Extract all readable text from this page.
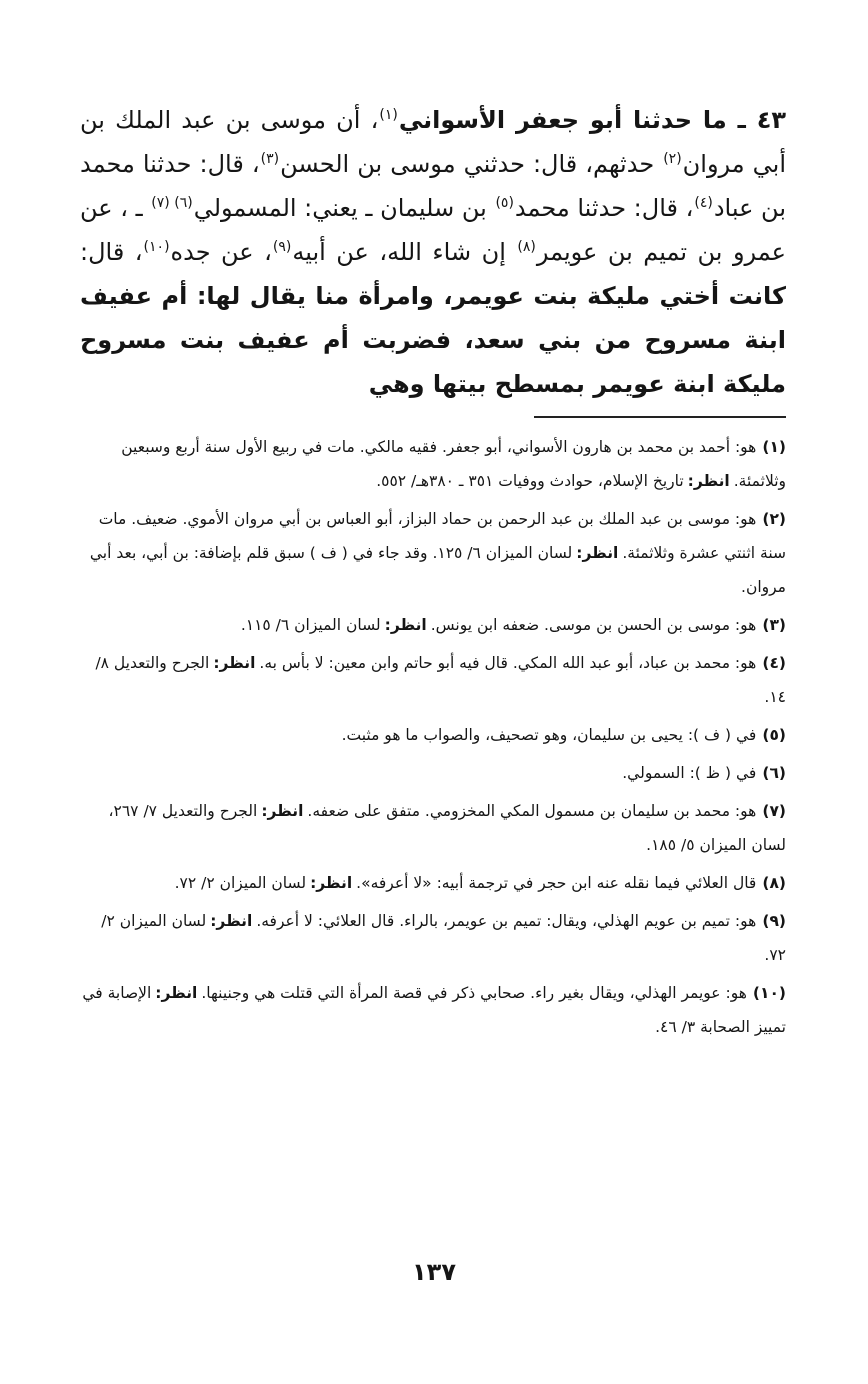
٤٣ ـ ما حدثنا أبو جعفر الأسواني$^{(١)}$، أن موسى بن عبد الملك بن أبي مروان$^{(٢)}$ حدثهم، قال: حدثني موسى بن الحسن$^{(٣)}$، قال: حدثنا محمد بن عباد$^{(٤)}$، قال: حدثنا محمد$^{(٥)}$ بن سليمان ـ يعني: المسمولي$^{(٦) (٧)}$ ـ ، عن عمرو بن تميم بن عويمر$^{(٨)}$ إن شاء الله، عن أبيه$^{(٩)}$، عن جده$^{(١٠)}$، قال: كانت أختي مليكة بنت عويمر، وامرأة منا يقال لها: أم عفيف ابنة مسروح من بني سعد، فضربت أم عفيف بنت مسروح مليكة ابنة عويمر بمسطح بيتها وهي

(١)هو: أحمد بن محمد بن هارون الأسواني، أبو جعفر. فقيه مالكي. مات في ربيع الأول سنة أربع وسبعين وثلاثمئة.انظر:تاريخ الإسلام، حوادث ووفيات ٣٥١ ـ ٣٨٠هـ/ ٥٥٢.

(٢)هو: موسى بن عبد الملك بن عبد الرحمن بن حماد البزاز، أبو العباس بن أبي مروان الأموي. ضعيف. مات سنة اثنتي عشرة وثلاثمئة.انظر:لسان الميزان ٦/ ١٢٥. وقد جاء في ( ف ) سبق قلم بإضافة: بن أبي، بعد أبي مروان.

(٣)هو: موسى بن الحسن بن موسى. ضعفه ابن يونس.انظر:لسان الميزان ٦/ ١١٥.

(٤)هو: محمد بن عباد، أبو عبد الله المكي. قال فيه أبو حاتم وابن معين: لا بأس به.انظر:الجرح والتعديل ٨/ ١٤.

(٥)في ( ف ): يحيى بن سليمان، وهو تصحيف، والصواب ما هو مثبت.

(٦)في ( ظ ): السمولي.

(٧)هو: محمد بن سليمان بن مسمول المكي المخزومي. متفق على ضعفه.انظر:الجرح والتعديل ٧/ ٢٦٧، لسان الميزان ٥/ ١٨٥.

(٨)قال العلائي فيما نقله عنه ابن حجر في ترجمة أبيه: «لا أعرفه».انظر:لسان الميزان ٢/ ٧٢.

(٩)هو: تميم بن عويم الهذلي، ويقال: تميم بن عويمر، بالراء. قال العلائي: لا أعرفه.انظر:لسان الميزان ٢/ ٧٢.

(١٠)هو: عويمر الهذلي، ويقال بغير راء. صحابي ذكر في قصة المرأة التي قتلت هي وجنينها.انظر:الإصابة في تمييز الصحابة ٣/ ٤٦.

١٣٧
